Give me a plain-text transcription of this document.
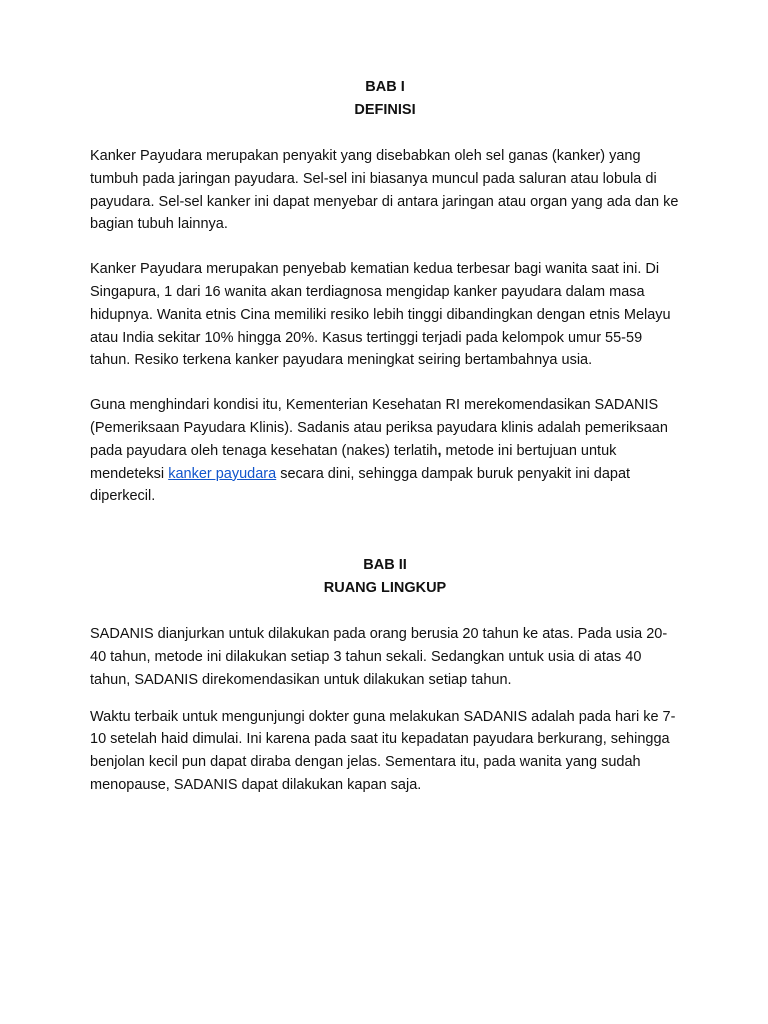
BAB I

DEFINISI

Kanker Payudara merupakan penyakit yang disebabkan oleh sel ganas (kanker) yang tumbuh pada jaringan payudara. Sel-sel ini biasanya muncul pada saluran atau lobula di payudara. Sel-sel kanker ini dapat menyebar di antara jaringan atau organ yang ada dan ke bagian tubuh lainnya.

Kanker Payudara merupakan penyebab kematian kedua terbesar bagi wanita saat ini. Di Singapura, 1 dari 16 wanita akan terdiagnosa mengidap kanker payudara dalam masa hidupnya. Wanita etnis Cina memiliki resiko lebih tinggi dibandingkan dengan etnis Melayu atau India sekitar 10% hingga 20%. Kasus tertinggi terjadi pada kelompok umur 55-59 tahun. Resiko terkena kanker payudara meningkat seiring bertambahnya usia.

Guna menghindari kondisi itu, Kementerian Kesehatan RI merekomendasikan SADANIS (Pemeriksaan Payudara Klinis). Sadanis atau periksa payudara klinis adalah pemeriksaan pada payudara oleh tenaga kesehatan (nakes) terlatih, metode ini bertujuan untuk mendeteksi kanker payudara secara dini, sehingga dampak buruk penyakit ini dapat diperkecil.

BAB II

RUANG LINGKUP

SADANIS dianjurkan untuk dilakukan pada orang berusia 20 tahun ke atas. Pada usia 20-40 tahun, metode ini dilakukan setiap 3 tahun sekali. Sedangkan untuk usia di atas 40 tahun, SADANIS direkomendasikan untuk dilakukan setiap tahun.

Waktu terbaik untuk mengunjungi dokter guna melakukan SADANIS adalah pada hari ke 7-10 setelah haid dimulai. Ini karena pada saat itu kepadatan payudara berkurang, sehingga benjolan kecil pun dapat diraba dengan jelas. Sementara itu, pada wanita yang sudah menopause, SADANIS dapat dilakukan kapan saja.
